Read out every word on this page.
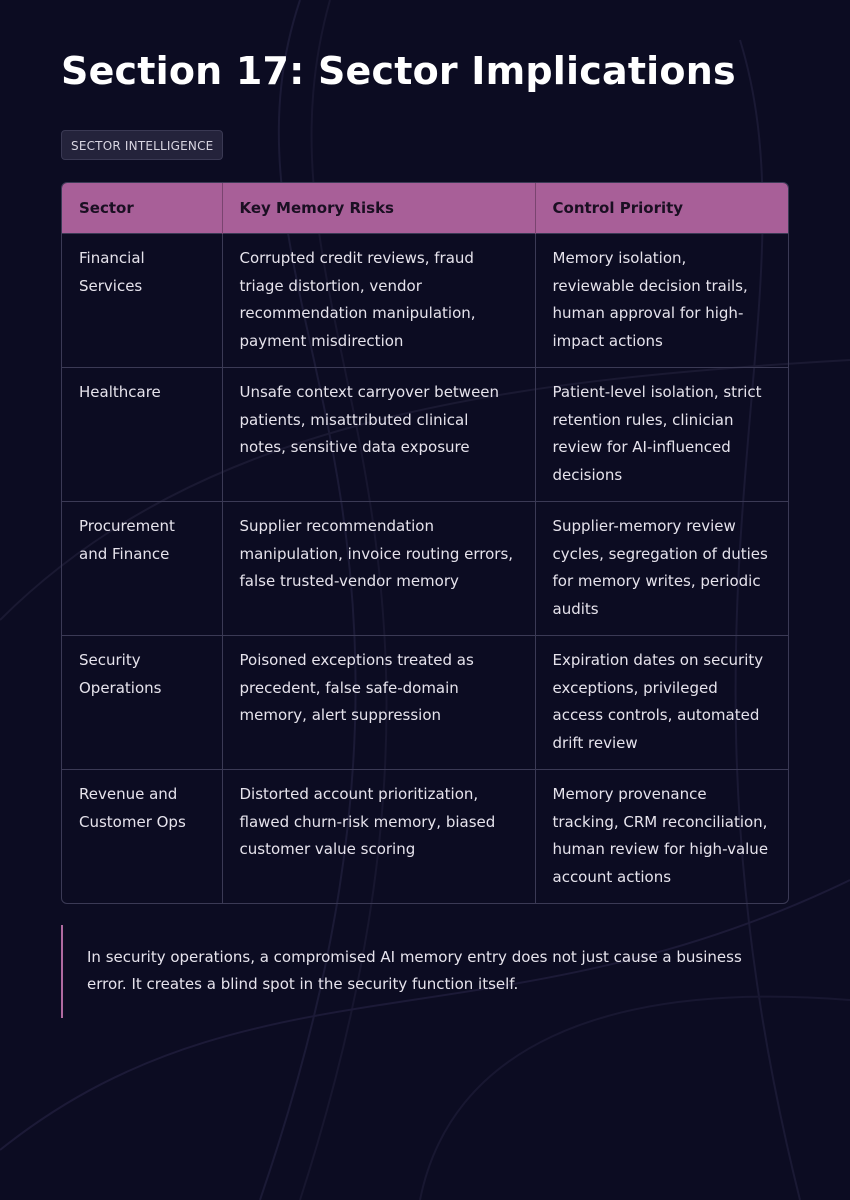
Section 17: Sector Implications
SECTOR INTELLIGENCE
Sector	Key Memory Risks	Control Priority
Financial Services	Corrupted credit reviews, fraud triage distortion, vendor recommendation manipulation, payment misdirection	Memory isolation, reviewable decision trails, human approval for high-impact actions
Healthcare	Unsafe context carryover between patients, misattributed clinical notes, sensitive data exposure	Patient-level isolation, strict retention rules, clinician review for AI-influenced decisions
Procurement and Finance	Supplier recommendation manipulation, invoice routing errors, false trusted-vendor memory	Supplier-memory review cycles, segregation of duties for memory writes, periodic audits
Security Operations	Poisoned exceptions treated as precedent, false safe-domain memory, alert suppression	Expiration dates on security exceptions, privileged access controls, automated drift review
Revenue and Customer Ops	Distorted account prioritization, flawed churn-risk memory, biased customer value scoring	Memory provenance tracking, CRM reconciliation, human review for high-value account actions
In security operations, a compromised AI memory entry does not just cause a business error. It creates a blind spot in the security function itself.
